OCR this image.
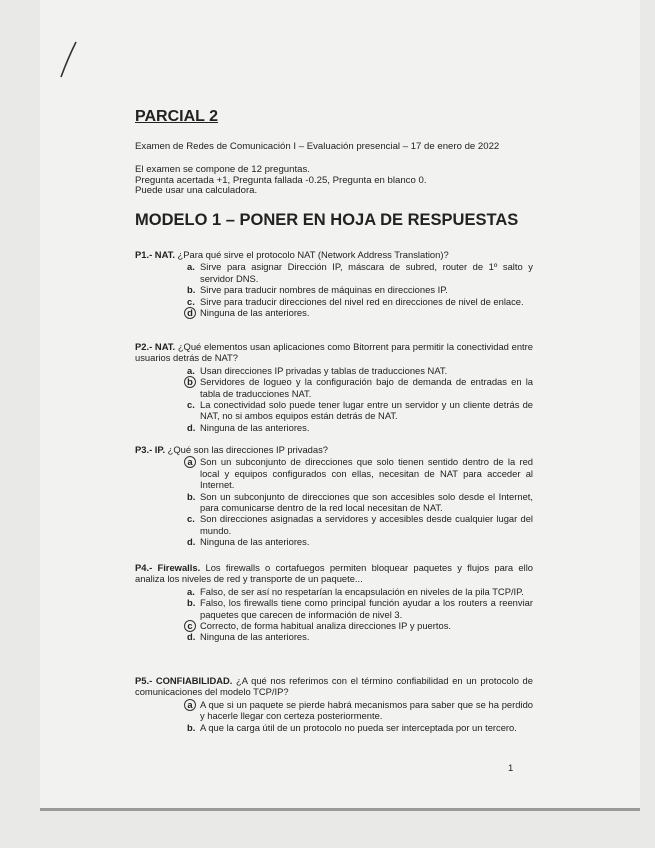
PARCIAL 2
Examen de Redes de Comunicación I – Evaluación presencial – 17 de enero de 2022
El examen se compone de 12 preguntas.
Pregunta acertada +1, Pregunta fallada -0.25, Pregunta en blanco 0.
Puede usar una calculadora.
MODELO 1 – PONER EN HOJA DE RESPUESTAS
P1.- NAT. ¿Para qué sirve el protocolo NAT (Network Address Translation)?
a. Sirve para asignar Dirección IP, máscara de subred, router de 1º salto y servidor DNS.
b. Sirve para traducir nombres de máquinas en direcciones IP.
c. Sirve para traducir direcciones del nivel red en direcciones de nivel de enlace.
d Ninguna de las anteriores.
P2.- NAT. ¿Qué elementos usan aplicaciones como Bitorrent para permitir la conectividad entre usuarios detrás de NAT?
a. Usan direcciones IP privadas y tablas de traducciones NAT.
b Servidores de logueo y la configuración bajo de demanda de entradas en la tabla de traducciones NAT.
c. La conectividad solo puede tener lugar entre un servidor y un cliente detrás de NAT, no si ambos equipos están detrás de NAT.
d. Ninguna de las anteriores.
P3.- IP. ¿Qué son las direcciones IP privadas?
a Son un subconjunto de direcciones que solo tienen sentido dentro de la red local y equipos configurados con ellas, necesitan de NAT para acceder al Internet.
b. Son un subconjunto de direcciones que son accesibles solo desde el Internet, para comunicarse dentro de la red local necesitan de NAT.
c. Son direcciones asignadas a servidores y accesibles desde cualquier lugar del mundo.
d. Ninguna de las anteriores.
P4.- Firewalls. Los firewalls o cortafuegos permiten bloquear paquetes y flujos para ello analiza los niveles de red y transporte de un paquete...
a. Falso, de ser así no respetarían la encapsulación en niveles de la pila TCP/IP.
b. Falso, los firewalls tiene como principal función ayudar a los routers a reenviar paquetes que carecen de información de nivel 3.
c Correcto, de forma habitual analiza direcciones IP y puertos.
d. Ninguna de las anteriores.
P5.- CONFIABILIDAD. ¿A qué nos referimos con el término confiabilidad en un protocolo de comunicaciones del modelo TCP/IP?
a A que si un paquete se pierde habrá mecanismos para saber que se ha perdido y hacerle llegar con certeza posteriormente.
b. A que la carga útil de un protocolo no pueda ser interceptada por un tercero.
1
